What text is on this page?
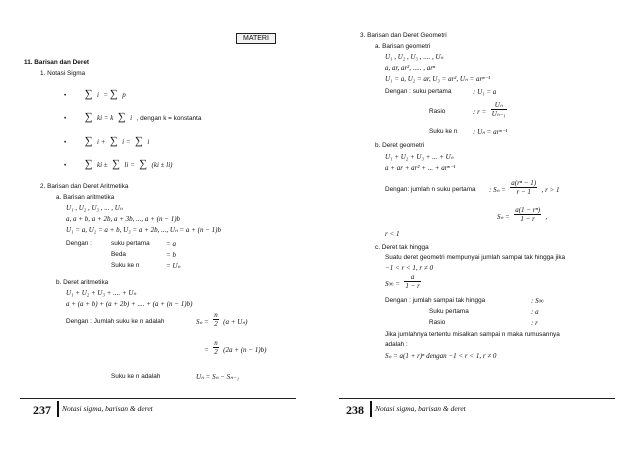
MATERI
11. Barisan dan Deret
1. Notasi Sigma
• ∑ i = ∑ p
• ∑ ki = k ∑ i , dengan k = konstanta
• ∑ i + ∑ i = ∑ i
• ∑ ki ± ∑ li = ∑ (ki ± li)
2. Barisan dan Deret Aritmetika
a. Barisan aritmetika
U₁ , U₂ , U₃ , ... , Uₙ
a, a + b, a + 2b, a + 3b, ..., a + (n − 1)b
U₁ = a, U₂ = a + b, U₃ = a + 2b, ..., Uₙ = a + (n − 1)b
Dengan :	suku pertama = a
Beda	= b
Suku ke n	= Uₙ
b. Deret aritmetika
U₁ + U₂ + U₃ + .... + Uₙ
a + (a + b) + (a + 2b) + .... + (a + (n − 1)b)
Dengan : Jumlah suku ke n adalah	$S_n = \frac{n}{2} (a + U_n)$
= $\frac{n}{2} (2a + (n - 1)b)$
Suku ke n adalah	Uₙ = Sₙ − Sₙ₋₁
237 Notasi sigma, barisan & deret
3. Barisan dan Deret Geometri
a. Barisan geometri
U₁ , U₂ , U₃ , .... , Uₙ
a, ar, ar², ..... , arⁿ
U₁ = a, U₂ = ar, U₃ = ar², Uₙ = arⁿ⁻¹
Dengan : suku pertama	: U₁ = a
Rasio	: $r = \frac{\text{Uₙ}}{\text{Uₙ₋₁}}$
Suku ke n : Uₙ = arⁿ⁻¹
b. Deret geometri
U₁ + U₂ + U₃ + ... + Uₙ
a + ar + ar² + ... + arⁿ⁻¹
Dengan: jumlah n suku pertama : $S_n = \frac{\text{a(rⁿ − 1)}}{r - 1}$ , r > 1
$S_n = \frac{\text{a(1 − rⁿ)}}{1 - r}$ ,
r < 1
c. Deret tak hingga
Suatu deret geometri mempunyai jumlah sampai tak hingga jika
−1 < r < 1, r ≠ 0
$S\infty = \frac{a}{1 - r}$
Dengan : jumlah sampai tak hingga	: S∞
Suku pertama	: a
Rasio	: r
Jika jumlahnya tertentu misalkan sampai n maka rumusannya
adalah :
Sₙ = a(1 + r)ⁿ dengan −1 < r < 1, r ≠ 0
238 Notasi sigma, barisan & deret
